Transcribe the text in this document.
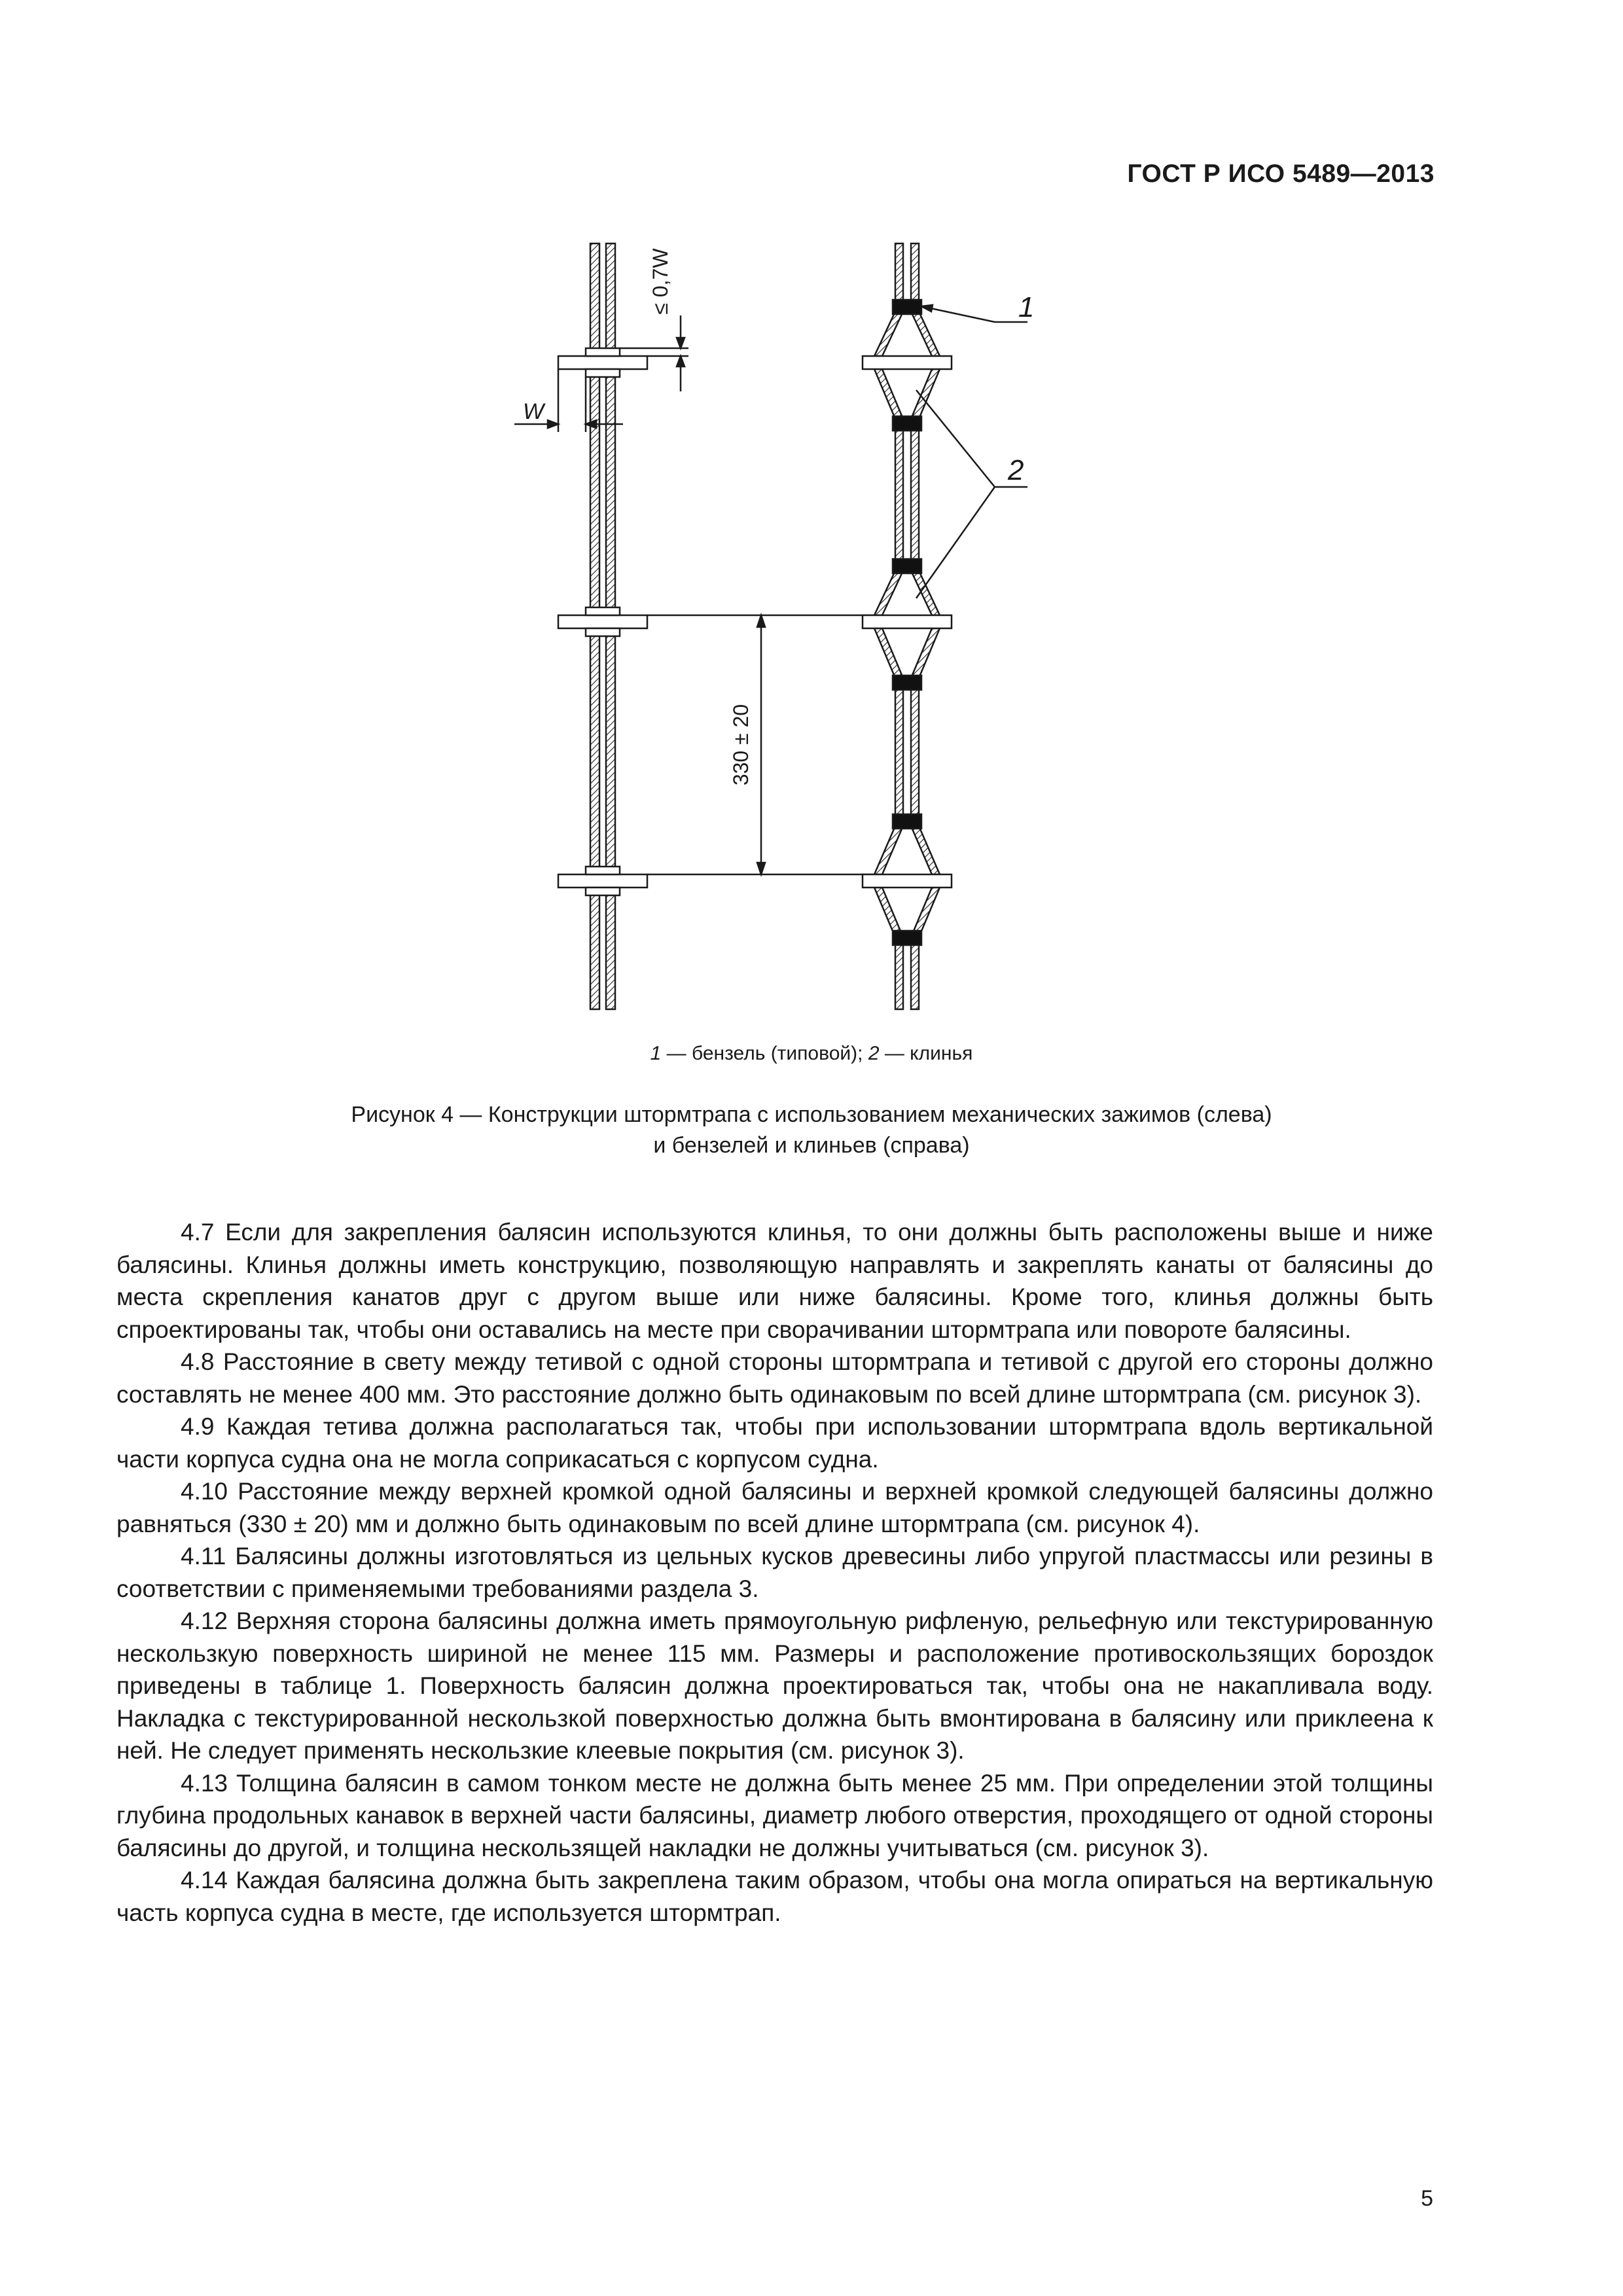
ГОСТ Р ИСО 5489—2013
≤ 0,7W
W
330 ± 20
1
2
1 — бензель (типовой); 2 — клинья
Рисунок 4 — Конструкции штормтрапа с использованием механических зажимов (слева)
и бензелей и клиньев (справа)

4.7 Если для закрепления балясин используются клинья, то они должны быть расположены выше и ниже балясины. Клинья должны иметь конструкцию, позволяющую направлять и закреплять канаты от балясины до места скрепления канатов друг с другом выше или ниже балясины. Кроме того, клинья должны быть спроектированы так, чтобы они оставались на месте при сворачивании штормтрапа или повороте балясины.

4.8 Расстояние в свету между тетивой с одной стороны штормтрапа и тетивой с другой его стороны должно составлять не менее 400 мм. Это расстояние должно быть одинаковым по всей длине штормтрапа (см. рисунок 3).

4.9 Каждая тетива должна располагаться так, чтобы при использовании штормтрапа вдоль вертикальной части корпуса судна она не могла соприкасаться с корпусом судна.

4.10 Расстояние между верхней кромкой одной балясины и верхней кромкой следующей балясины должно равняться (330 ± 20) мм и должно быть одинаковым по всей длине штормтрапа (см. рисунок 4).

4.11 Балясины должны изготовляться из цельных кусков древесины либо упругой пластмассы или резины в соответствии с применяемыми требованиями раздела 3.

4.12 Верхняя сторона балясины должна иметь прямоугольную рифленую, рельефную или текстурированную нескользкую поверхность шириной не менее 115 мм. Размеры и расположение противоскользящих бороздок приведены в таблице 1. Поверхность балясин должна проектироваться так, чтобы она не накапливала воду. Накладка с текстурированной нескользкой поверхностью должна быть вмонтирована в балясину или приклеена к ней. Не следует применять нескользкие клеевые покрытия (см. рисунок 3).

4.13 Толщина балясин в самом тонком месте не должна быть менее 25 мм. При определении этой толщины глубина продольных канавок в верхней части балясины, диаметр любого отверстия, проходящего от одной стороны балясины до другой, и толщина нескользящей накладки не должны учитываться (см. рисунок 3).

4.14 Каждая балясина должна быть закреплена таким образом, чтобы она могла опираться на вертикальную часть корпуса судна в месте, где используется штормтрап.

5
